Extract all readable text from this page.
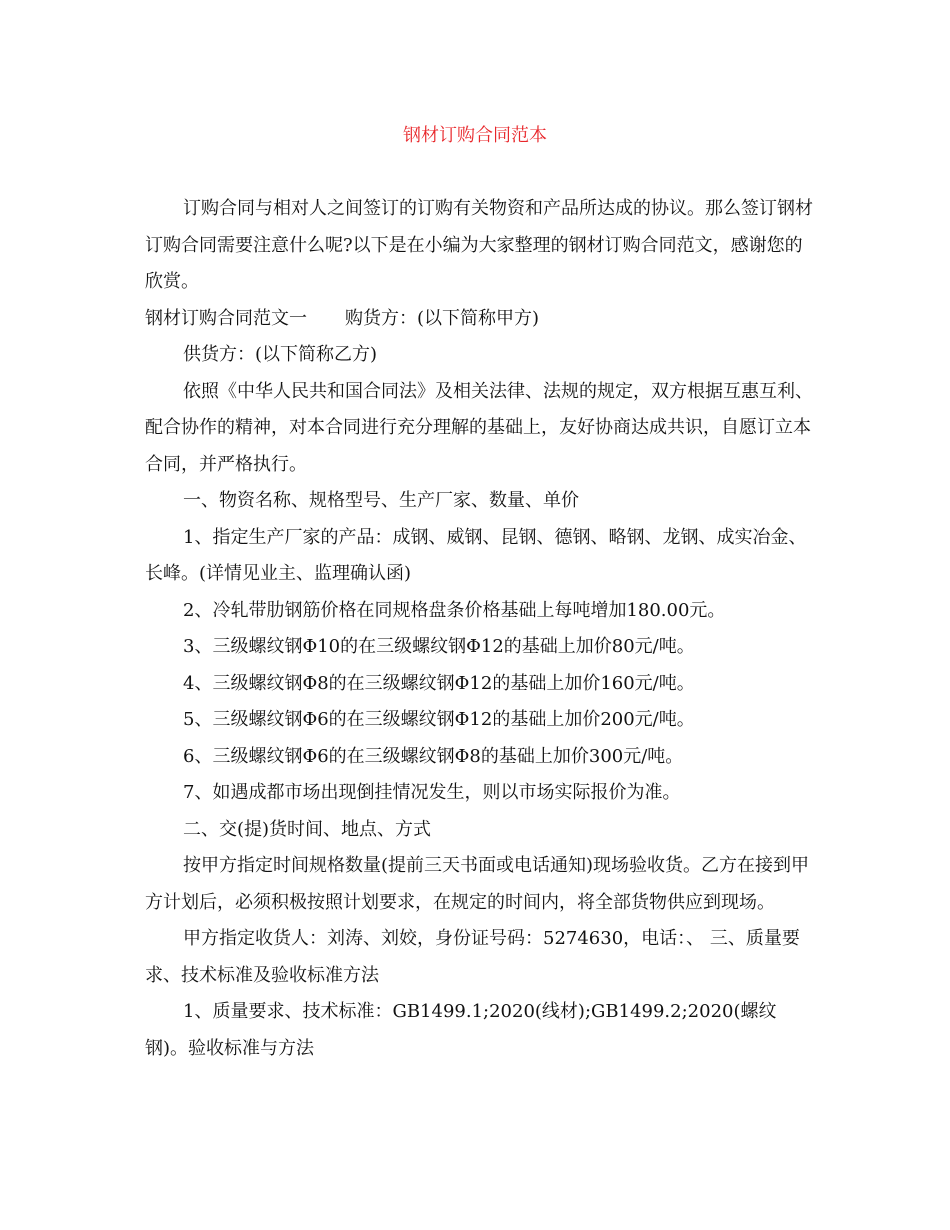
钢材订购合同范本

订购合同与相对人之间签订的订购有关物资和产品所达成的协议。那么签订钢材订购合同需要注意什么呢?以下是在小编为大家整理的钢材订购合同范文，感谢您的欣赏。

钢材订购合同范文一 购货方：(以下简称甲方)

供货方：(以下简称乙方)

依照《中华人民共和国合同法》及相关法律、法规的规定，双方根据互惠互利、配合协作的精神，对本合同进行充分理解的基础上，友好协商达成共识，自愿订立本合同，并严格执行。

一、物资名称、规格型号、生产厂家、数量、单价

1、指定生产厂家的产品：成钢、威钢、昆钢、德钢、略钢、龙钢、成实冶金、长峰。(详情见业主、监理确认函)

2、冷轧带肋钢筋价格在同规格盘条价格基础上每吨增加180.00元。

3、三级螺纹钢Φ10的在三级螺纹钢Φ12的基础上加价80元/吨。

4、三级螺纹钢Φ8的在三级螺纹钢Φ12的基础上加价160元/吨。

5、三级螺纹钢Φ6的在三级螺纹钢Φ12的基础上加价200元/吨。

6、三级螺纹钢Φ6的在三级螺纹钢Φ8的基础上加价300元/吨。

7、如遇成都市场出现倒挂情况发生，则以市场实际报价为准。

二、交(提)货时间、地点、方式

按甲方指定时间规格数量(提前三天书面或电话通知)现场验收货。乙方在接到甲方计划后，必须积极按照计划要求，在规定的时间内，将全部货物供应到现场。

甲方指定收货人：刘涛、刘姣，身份证号码：5274630，电话：、 三、质量要求、技术标准及验收标准方法

1、质量要求、技术标准：GB1499.1;2020(线材);GB1499.2;2020(螺纹钢)。验收标准与方法
